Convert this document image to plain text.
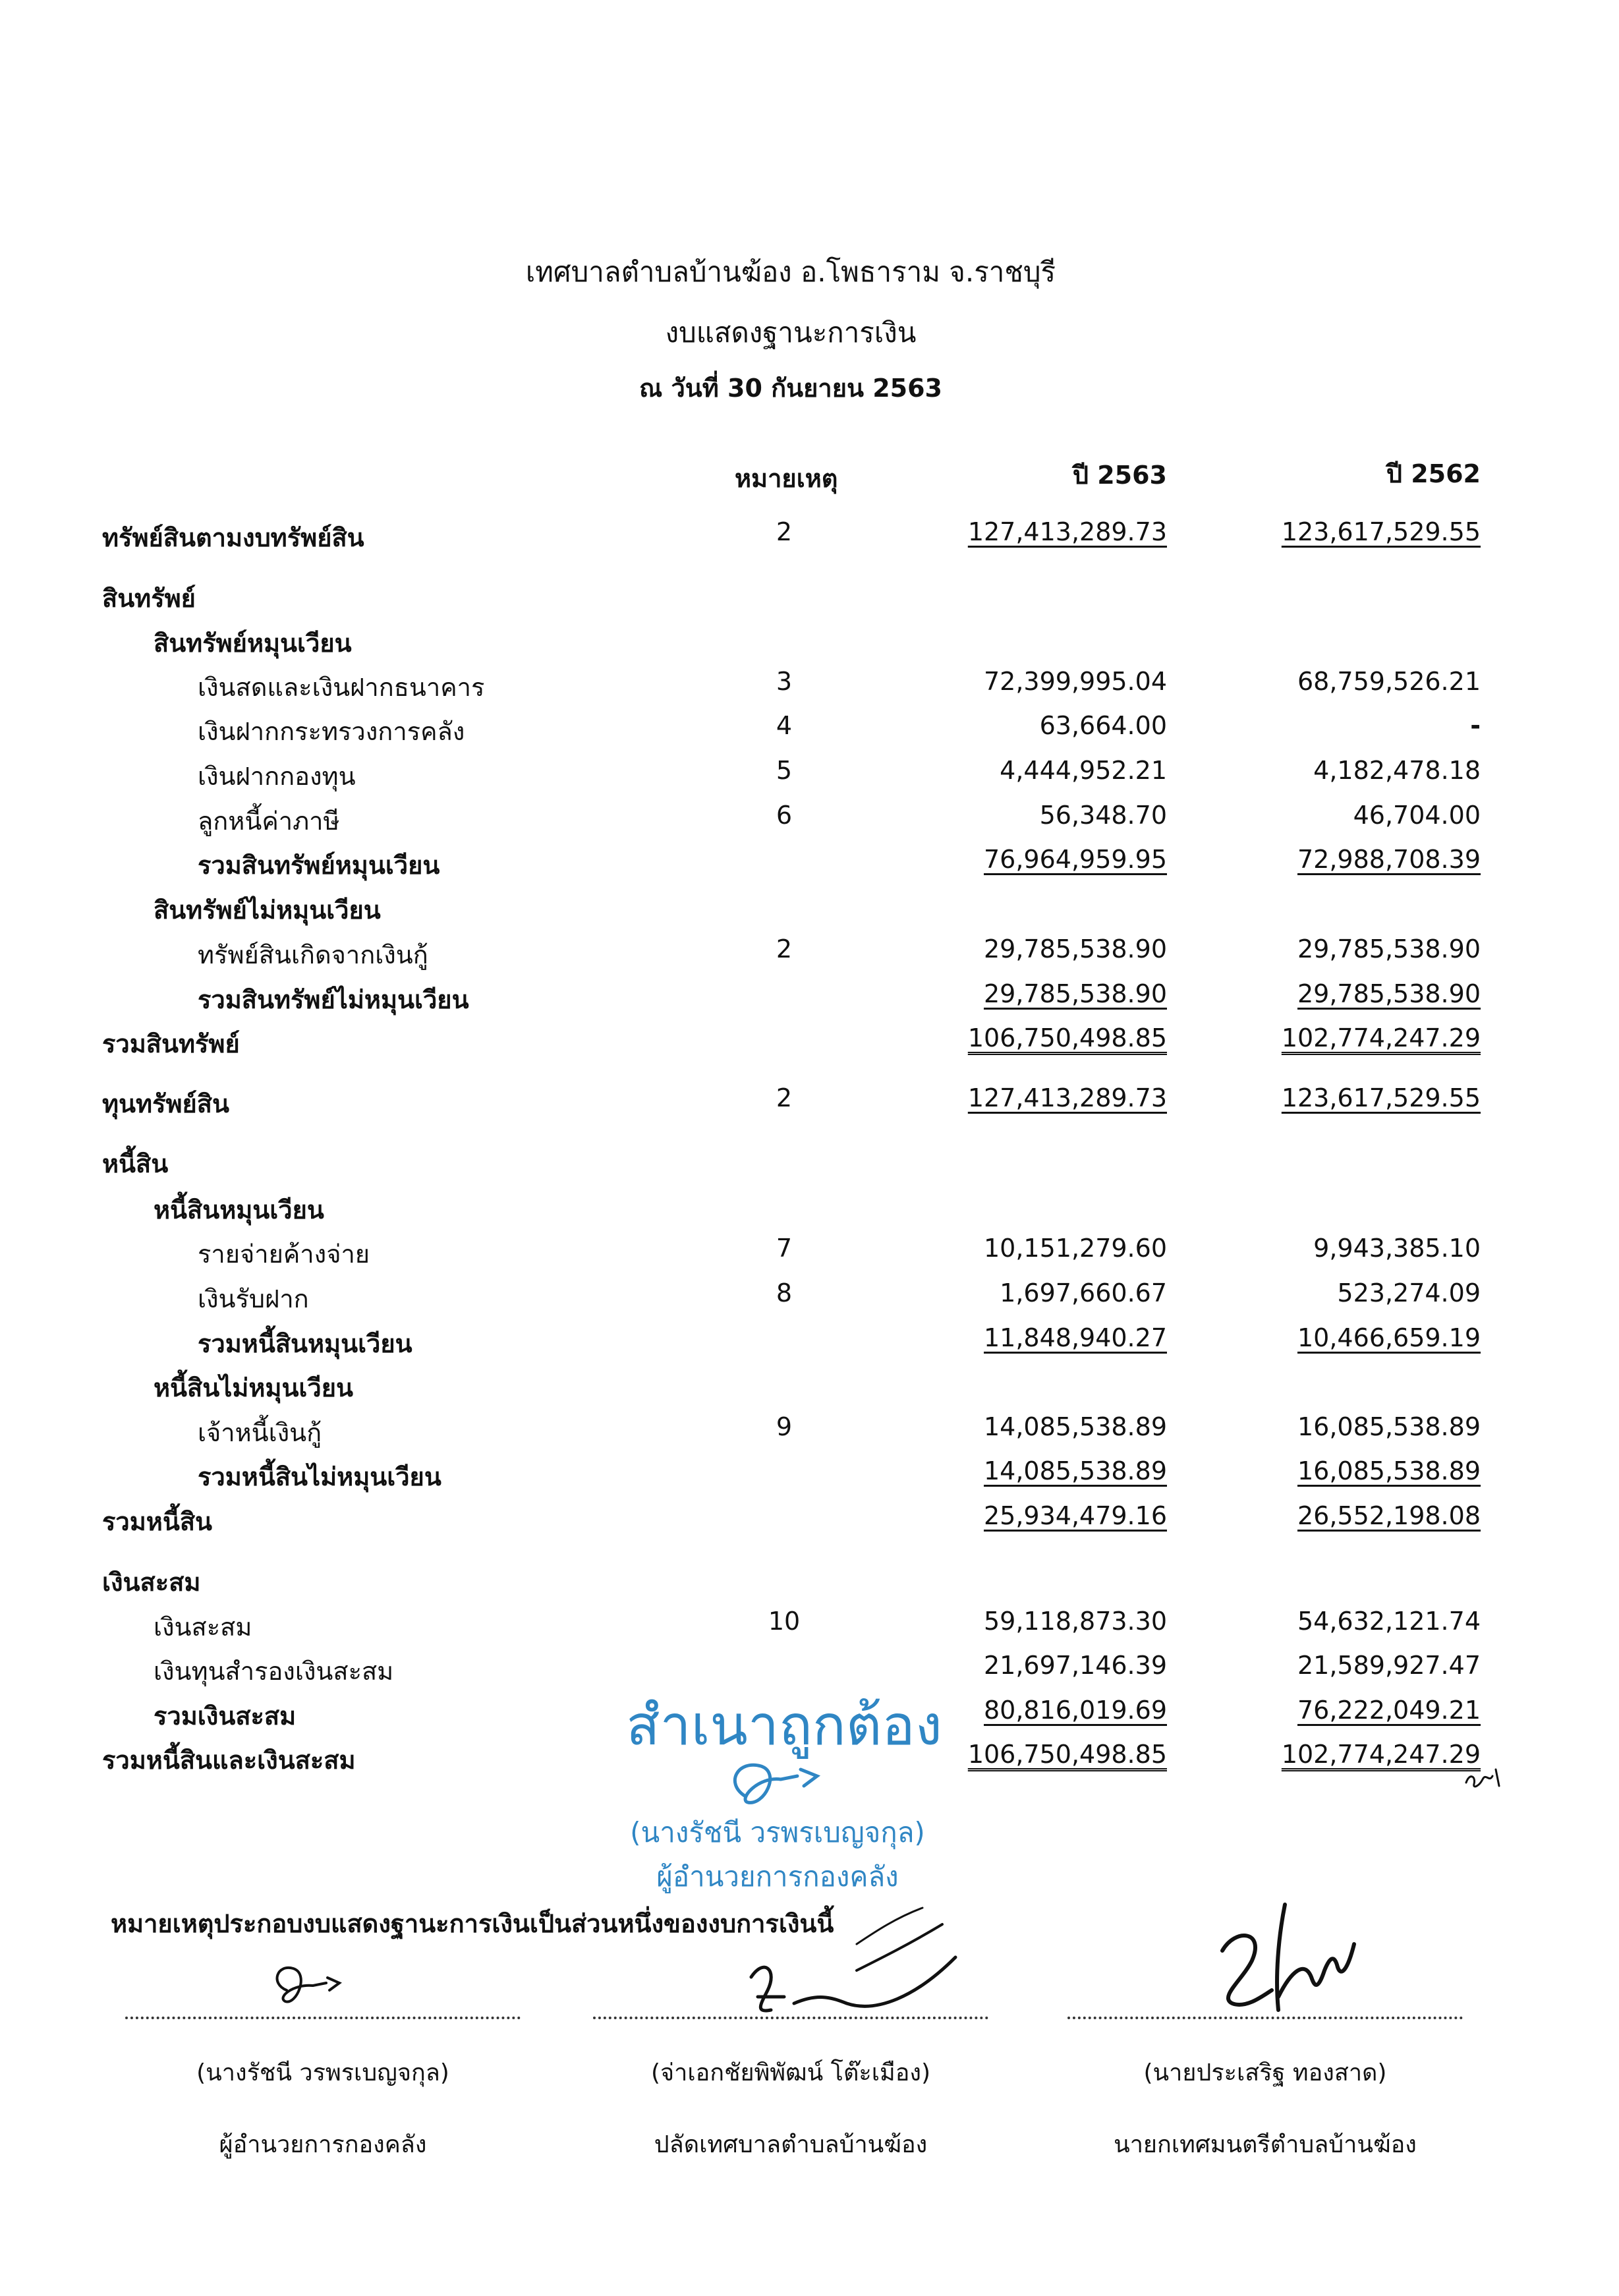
เทศบาลตำบลบ้านฆ้อง อ.โพธาราม จ.ราชบุรี
งบแสดงฐานะการเงิน
ณ วันที่ 30 กันยายน 2563
หมายเหตุ	ปี 2563	ปี 2562
ทรัพย์สินตามงบทรัพย์สิน	2	127,413,289.73	123,617,529.55
สินทรัพย์
สินทรัพย์หมุนเวียน
เงินสดและเงินฝากธนาคาร	3	72,399,995.04	68,759,526.21
เงินฝากกระทรวงการคลัง	4	63,664.00	-
เงินฝากกองทุน	5	4,444,952.21	4,182,478.18
ลูกหนี้ค่าภาษี	6	56,348.70	46,704.00
รวมสินทรัพย์หมุนเวียน	76,964,959.95	72,988,708.39
สินทรัพย์ไม่หมุนเวียน
ทรัพย์สินเกิดจากเงินกู้	2	29,785,538.90	29,785,538.90
รวมสินทรัพย์ไม่หมุนเวียน	29,785,538.90	29,785,538.90
รวมสินทรัพย์	106,750,498.85	102,774,247.29
ทุนทรัพย์สิน	2	127,413,289.73	123,617,529.55
หนี้สิน
หนี้สินหมุนเวียน
รายจ่ายค้างจ่าย	7	10,151,279.60	9,943,385.10
เงินรับฝาก	8	1,697,660.67	523,274.09
รวมหนี้สินหมุนเวียน	11,848,940.27	10,466,659.19
หนี้สินไม่หมุนเวียน
เจ้าหนี้เงินกู้	9	14,085,538.89	16,085,538.89
รวมหนี้สินไม่หมุนเวียน	14,085,538.89	16,085,538.89
รวมหนี้สิน	25,934,479.16	26,552,198.08
เงินสะสม
เงินสะสม	10	59,118,873.30	54,632,121.74
เงินทุนสำรองเงินสะสม	21,697,146.39	21,589,927.47
รวมเงินสะสม	80,816,019.69	76,222,049.21
รวมหนี้สินและเงินสะสม	106,750,498.85	102,774,247.29
สำเนาถูกต้อง
(นางรัชนี วรพรเบญจกุล)
ผู้อำนวยการกองคลัง
หมายเหตุประกอบงบแสดงฐานะการเงินเป็นส่วนหนึ่งของงบการเงินนี้
(นางรัชนี วรพรเบญจกุล)
ผู้อำนวยการกองคลัง
(จ่าเอกชัยพิพัฒน์ โต๊ะเมือง)
ปลัดเทศบาลตำบลบ้านฆ้อง
(นายประเสริฐ ทองสาด)
นายกเทศมนตรีตำบลบ้านฆ้อง
